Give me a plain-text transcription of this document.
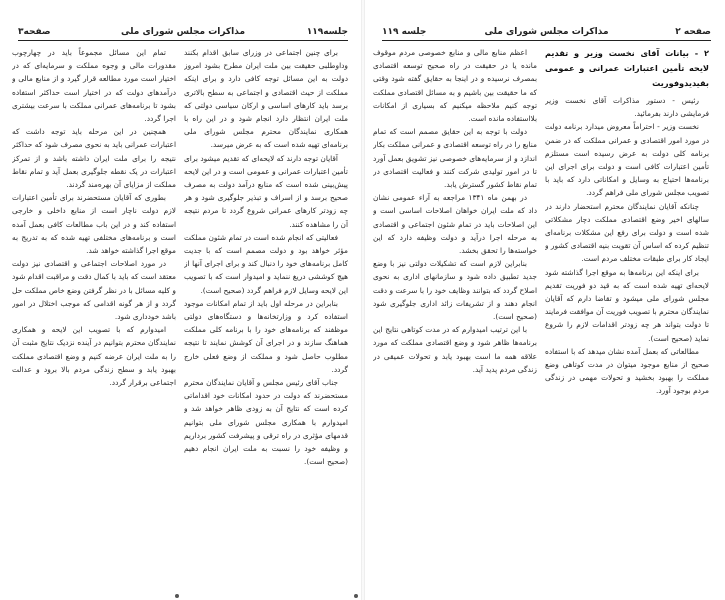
جلسه۱۱۹
مذاکرات مجلس شورای ملی
صفحه۳

برای چنین اجتماعی در وزرای سابق اقدام بکنند وداوطلبی حقیقت بین ملت ایران مطرح بشود امروز دولت به این مسائل توجه کافی دارد و برای اینکه مملکت از حیث اقتصادی و اجتماعی به سطح بالاتری برسد باید کارهای اساسی و ارکان سیاسی دولتی که ملت ایران انتظار دارد انجام شود و در این راه با همکاری نمایندگان محترم مجلس شورای ملی برنامه‌ای تهیه شده است که به عرض میرسد.

آقایان توجه دارند که لایحه‌ای که تقدیم میشود برای تأمین اعتبارات عمرانی و عمومی است و در این لایحه پیش‌بینی شده است که منابع درآمد دولت به مصرف صحیح برسد و از اسراف و تبذیر جلوگیری شود و هر چه زودتر کارهای عمرانی شروع گردد تا مردم نتیجه آن را مشاهده کنند.

فعالیتی که انجام شده است در تمام شئون مملکت مؤثر خواهد بود و دولت مصمم است که با جدیت کامل برنامه‌های خود را دنبال کند و برای اجرای آنها از هیچ کوششی دریغ ننماید و امیدوار است که با تصویب این لایحه وسایل لازم فراهم گردد (صحیح است).

بنابراین در مرحله اول باید از تمام امکانات موجود استفاده کرد و وزارتخانه‌ها و دستگاه‌های دولتی موظفند که برنامه‌های خود را با برنامه کلی مملکت هماهنگ سازند و در اجرای آن کوشش نمایند تا نتیجه مطلوب حاصل شود و مملکت از وضع فعلی خارج گردد.

جناب آقای رئیس مجلس و آقایان نمایندگان محترم مستحضرند که دولت در حدود امکانات خود اقداماتی کرده است که نتایج آن به زودی ظاهر خواهد شد و امیدوارم با همکاری مجلس شورای ملی بتوانیم قدمهای مؤثری در راه ترقی و پیشرفت کشور برداریم و وظیفه خود را نسبت به ملت ایران انجام دهیم (صحیح است).

تمام این مسائل مجموعاً باید در چهارچوب مقدورات مالی و وجوه مملکت و سرمایه‌ای که در اختیار است مورد مطالعه قرار گیرد و از منابع مالی و درآمدهای دولت که در اختیار است حداکثر استفاده بشود تا برنامه‌های عمرانی مملکت با سرعت بیشتری اجرا گردد.

همچنین در این مرحله باید توجه داشت که اعتبارات عمرانی باید به نحوی مصرف شود که حداکثر نتیجه را برای ملت ایران داشته باشد و از تمرکز اعتبارات در یک نقطه جلوگیری بعمل آید و تمام نقاط مملکت از مزایای آن بهره‌مند گردند.

بطوری که آقایان مستحضرند برای تأمین اعتبارات لازم دولت ناچار است از منابع داخلی و خارجی استفاده کند و در این باب مطالعات کافی بعمل آمده است و برنامه‌های مختلفی تهیه شده که به تدریج به موقع اجرا گذاشته خواهد شد.

در مورد اصلاحات اجتماعی و اقتصادی نیز دولت معتقد است که باید با کمال دقت و مراقبت اقدام شود و کلیه مسائل با در نظر گرفتن وضع خاص مملکت حل گردد و از هر گونه اقدامی که موجب اختلال در امور باشد خودداری شود.

امیدوارم که با تصویب این لایحه و همکاری نمایندگان محترم بتوانیم در آینده نزدیک نتایج مثبت آن را به ملت ایران عرضه کنیم و وضع اقتصادی مملکت بهبود یابد و سطح زندگی مردم بالا برود و عدالت اجتماعی برقرار گردد.

صفحه ۲
مذاکرات مجلس شورای ملی
جلسه ۱۱۹
۲ - بیانات آقای نخست وزیر و تقدیم لایحه تأمین اعتبارات عمرانی و عمومی بقیدیدوفوریت

رئیس - دستور مذاکرات آقای نخست وزیر فرمایشی دارند بفرمائید.

نخست وزیر - احتراماً معروض میدارد برنامه دولت در مورد امور اقتصادی و عمرانی مملکت که در ضمن برنامه کلی دولت به عرض رسیده است مستلزم تأمین اعتبارات کافی است و دولت برای اجرای این برنامه‌ها احتیاج به وسایل و امکاناتی دارد که باید با تصویب مجلس شورای ملی فراهم گردد.

چنانکه آقایان نمایندگان محترم استحضار دارند در سالهای اخیر وضع اقتصادی مملکت دچار مشکلاتی شده است و دولت برای رفع این مشکلات برنامه‌ای تنظیم کرده که اساس آن تقویت بنیه اقتصادی کشور و ایجاد کار برای طبقات مختلف مردم است.

برای اینکه این برنامه‌ها به موقع اجرا گذاشته شود لایحه‌ای تهیه شده است که به قید دو فوریت تقدیم مجلس شورای ملی میشود و تقاضا دارم که آقایان نمایندگان محترم با تصویب فوریت آن موافقت فرمایند تا دولت بتواند هر چه زودتر اقدامات لازم را شروع نماید (صحیح است).

مطالعاتی که بعمل آمده نشان میدهد که با استفاده صحیح از منابع موجود میتوان در مدت کوتاهی وضع مملکت را بهبود بخشید و تحولات مهمی در زندگی مردم بوجود آورد.

اعظم منابع مالی و منابع خصوصی مردم موقوف مانده یا در حقیقت در راه صحیح توسعه اقتصادی بمصرف نرسیده و در اینجا به حقایق گفته شود وقتی که ما حقیقت بین باشیم و به مسائل اقتصادی مملکت توجه کنیم ملاحظه میکنیم که بسیاری از امکانات بلااستفاده مانده است.

دولت با توجه به این حقایق مصمم است که تمام منابع را در راه توسعه اقتصادی و عمرانی مملکت بکار اندازد و از سرمایه‌های خصوصی نیز تشویق بعمل آورد تا در امور تولیدی شرکت کنند و فعالیت اقتصادی در تمام نقاط کشور گسترش یابد.

در بهمن ماه ۱۳۴۱ مراجعه به آراء عمومی نشان داد که ملت ایران خواهان اصلاحات اساسی است و این اصلاحات باید در تمام شئون اجتماعی و اقتصادی به مرحله اجرا درآید و دولت وظیفه دارد که این خواسته‌ها را تحقق بخشد.

بنابراین لازم است که تشکیلات دولتی نیز با وضع جدید تطبیق داده شود و سازمانهای اداری به نحوی اصلاح گردد که بتوانند وظایف خود را با سرعت و دقت انجام دهند و از تشریفات زائد اداری جلوگیری شود (صحیح است).

با این ترتیب امیدوارم که در مدت کوتاهی نتایج این برنامه‌ها ظاهر شود و وضع اقتصادی مملکت که مورد علاقه همه ما است بهبود یابد و تحولات عمیقی در زندگی مردم پدید آید.
